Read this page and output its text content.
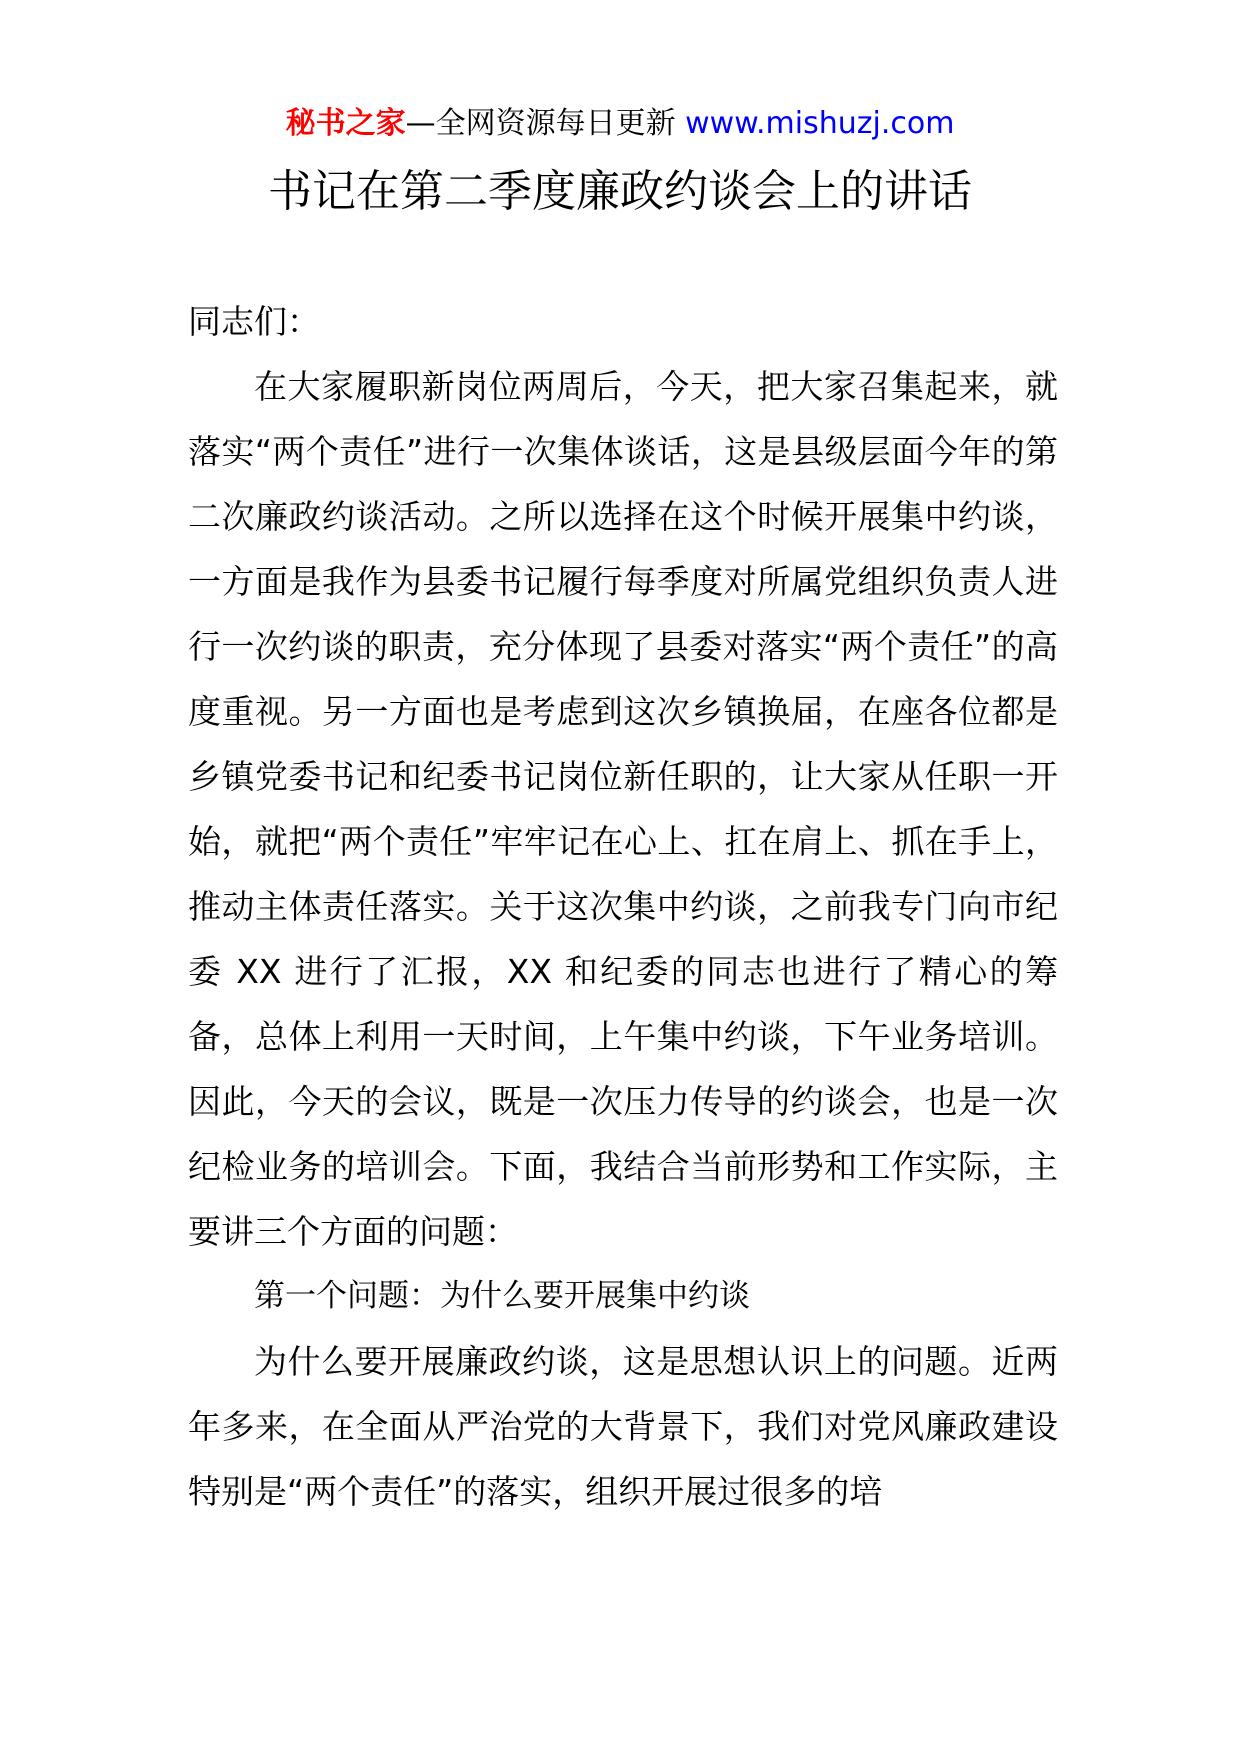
秘书之家—全网资源每日更新 www.mishuzj.com
书记在第二季度廉政约谈会上的讲话

同志们：

在大家履职新岗位两周后，今天，把大家召集起来，就落实“两个责任”进行一次集体谈话，这是县级层面今年的第二次廉政约谈活动。之所以选择在这个时候开展集中约谈，一方面是我作为县委书记履行每季度对所属党组织负责人进行一次约谈的职责，充分体现了县委对落实“两个责任”的高度重视。另一方面也是考虑到这次乡镇换届，在座各位都是乡镇党委书记和纪委书记岗位新任职的，让大家从任职一开始，就把“两个责任”牢牢记在心上、扛在肩上、抓在手上，推动主体责任落实。关于这次集中约谈，之前我专门向市纪委 XX 进行了汇报，XX 和纪委的同志也进行了精心的筹备，总体上利用一天时间，上午集中约谈，下午业务培训。因此，今天的会议，既是一次压力传导的约谈会，也是一次纪检业务的培训会。下面，我结合当前形势和工作实际，主要讲三个方面的问题：

第一个问题：为什么要开展集中约谈

为什么要开展廉政约谈，这是思想认识上的问题。近两年多来，在全面从严治党的大背景下，我们对党风廉政建设特别是“两个责任”的落实，组织开展过很多的培
